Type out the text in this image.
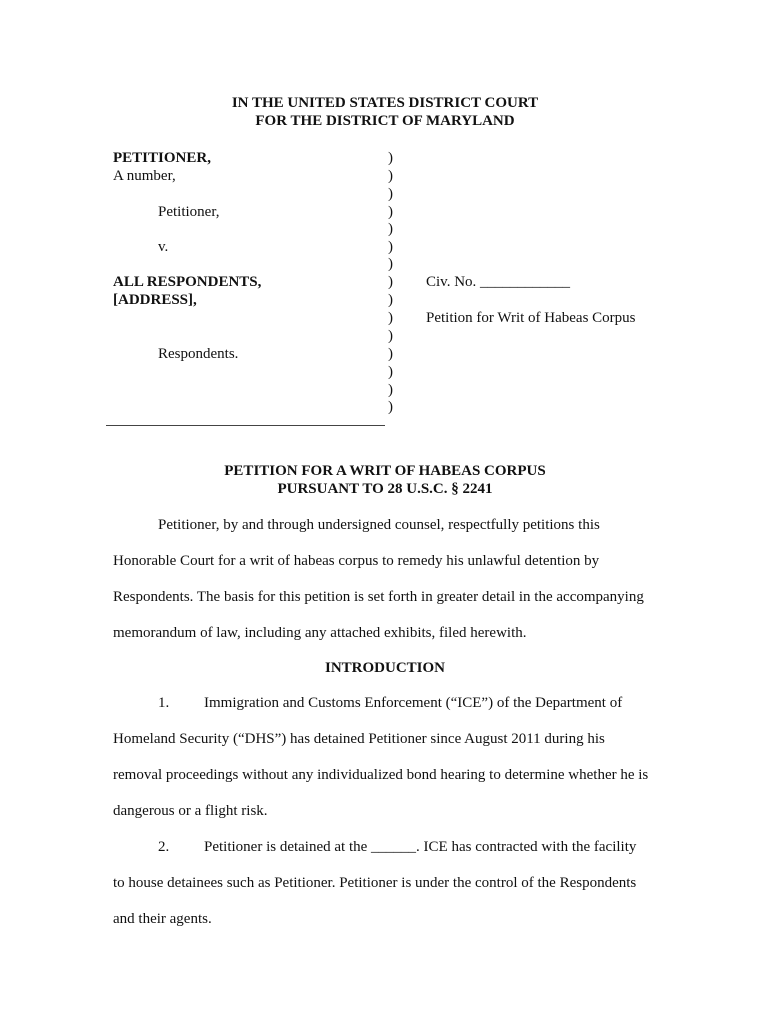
IN THE UNITED STATES DISTRICT COURT
FOR THE DISTRICT OF MARYLAND
PETITIONER,
A number,
Petitioner,
v.
ALL RESPONDENTS,
[ADDRESS],
Respondents.
)
)
)
)
)
)
)
)
)
)
)
)
)
)
)
Civ. No. ____________
Petition for Writ of Habeas Corpus
PETITION FOR A WRIT OF HABEAS CORPUS
PURSUANT TO 28 U.S.C. § 2241
Petitioner, by and through undersigned counsel, respectfully petitions this
Honorable Court for a writ of habeas corpus to remedy his unlawful detention by
Respondents. The basis for this petition is set forth in greater detail in the accompanying
memorandum of law, including any attached exhibits, filed herewith.
INTRODUCTION
1. Immigration and Customs Enforcement (“ICE”) of the Department of
Homeland Security (“DHS”) has detained Petitioner since August 2011 during his
removal proceedings without any individualized bond hearing to determine whether he is
dangerous or a flight risk.
2. Petitioner is detained at the ______. ICE has contracted with the facility
to house detainees such as Petitioner. Petitioner is under the control of the Respondents
and their agents.
